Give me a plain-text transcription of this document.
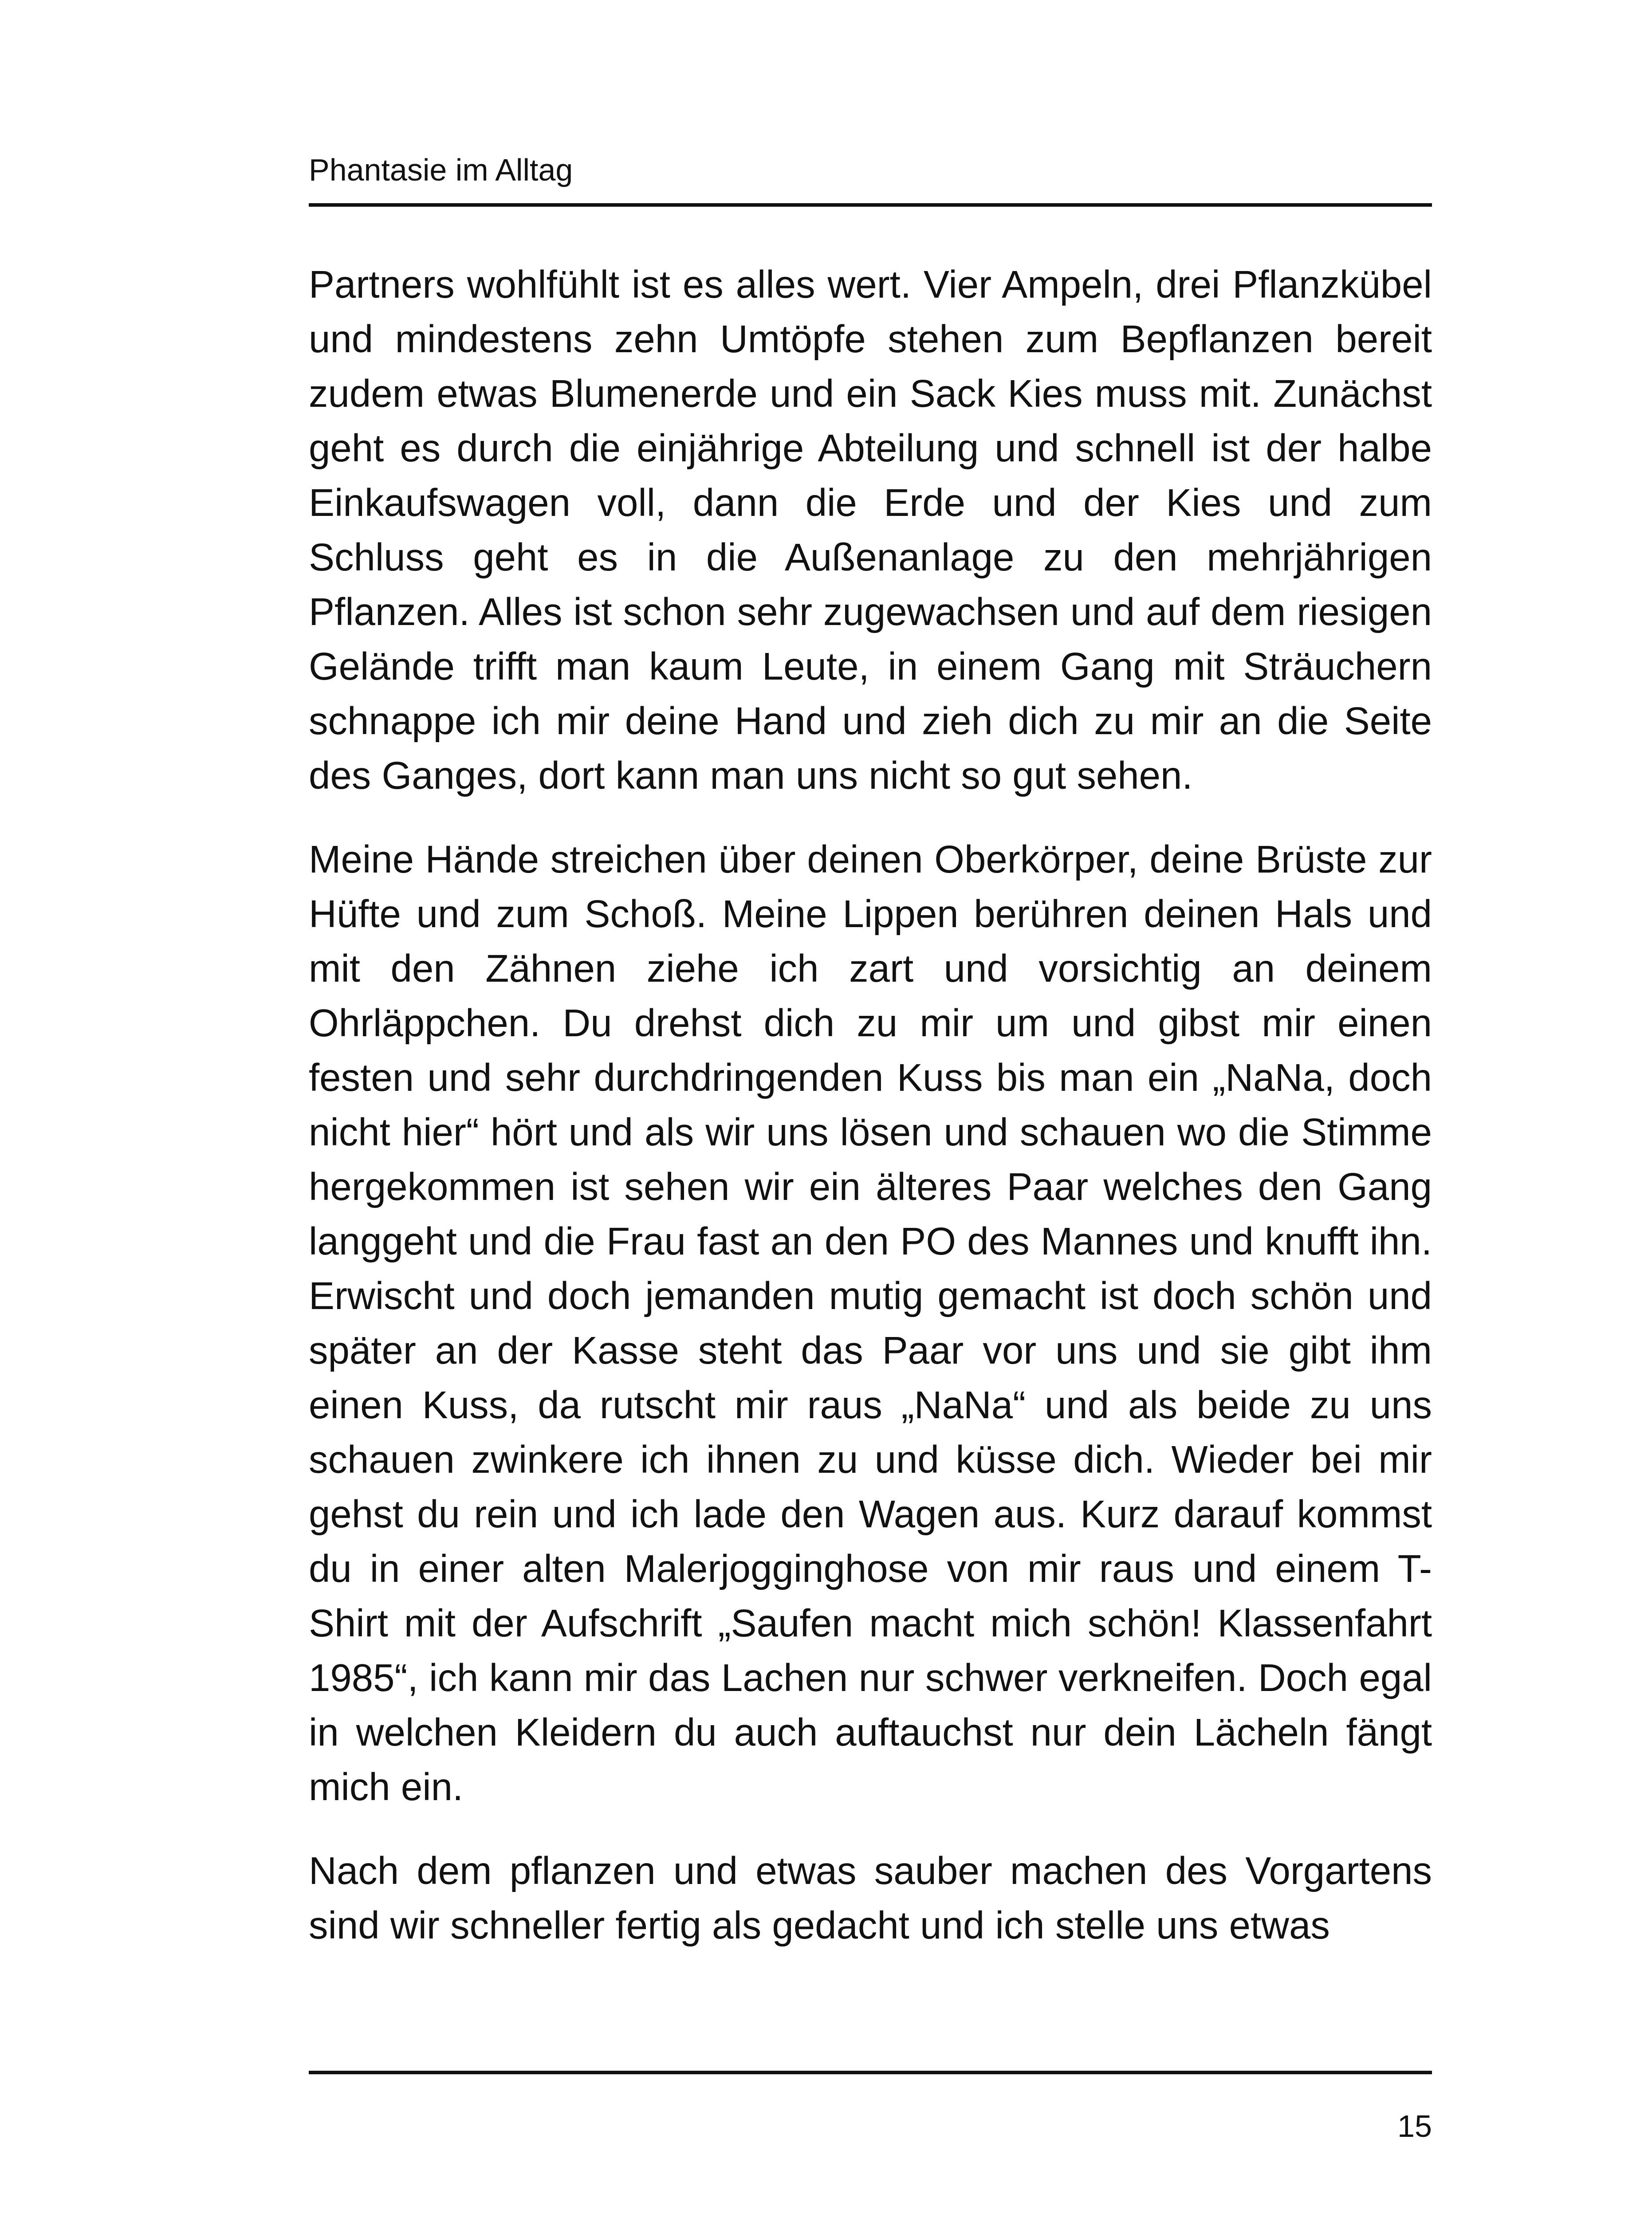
Phantasie im Alltag

Partners wohlfühlt ist es alles wert. Vier Ampeln, drei Pflanzkübel und mindestens zehn Umtöpfe stehen zum Bepflanzen bereit zudem etwas Blumenerde und ein Sack Kies muss mit. Zunächst geht es durch die einjährige Abteilung und schnell ist der halbe Einkaufswagen voll, dann die Erde und der Kies und zum Schluss geht es in die Außenanlage zu den mehrjährigen Pflanzen. Alles ist schon sehr zugewachsen und auf dem riesigen Gelände trifft man kaum Leute, in einem Gang mit Sträuchern schnappe ich mir deine Hand und zieh dich zu mir an die Seite des Ganges, dort kann man uns nicht so gut sehen.

Meine Hände streichen über deinen Oberkörper, deine Brüste zur Hüfte und zum Schoß. Meine Lippen berühren deinen Hals und mit den Zähnen ziehe ich zart und vorsichtig an deinem Ohrläppchen. Du drehst dich zu mir um und gibst mir einen festen und sehr durchdringenden Kuss bis man ein „NaNa, doch nicht hier“ hört und als wir uns lösen und schauen wo die Stimme hergekommen ist sehen wir ein älteres Paar welches den Gang langgeht und die Frau fast an den PO des Mannes und knufft ihn. Erwischt und doch jemanden mutig gemacht ist doch schön und später an der Kasse steht das Paar vor uns und sie gibt ihm einen Kuss, da rutscht mir raus „NaNa“ und als beide zu uns schauen zwinkere ich ihnen zu und küsse dich. Wieder bei mir gehst du rein und ich lade den Wagen aus. Kurz darauf kommst du in einer alten Malerjogginghose von mir raus und einem T-Shirt mit der Aufschrift „Saufen macht mich schön! Klassenfahrt 1985“, ich kann mir das Lachen nur schwer verkneifen. Doch egal in welchen Kleidern du auch auftauchst nur dein Lächeln fängt mich ein.

Nach dem pflanzen und etwas sauber machen des Vorgartens sind wir schneller fertig als gedacht und ich stelle uns etwas

15
